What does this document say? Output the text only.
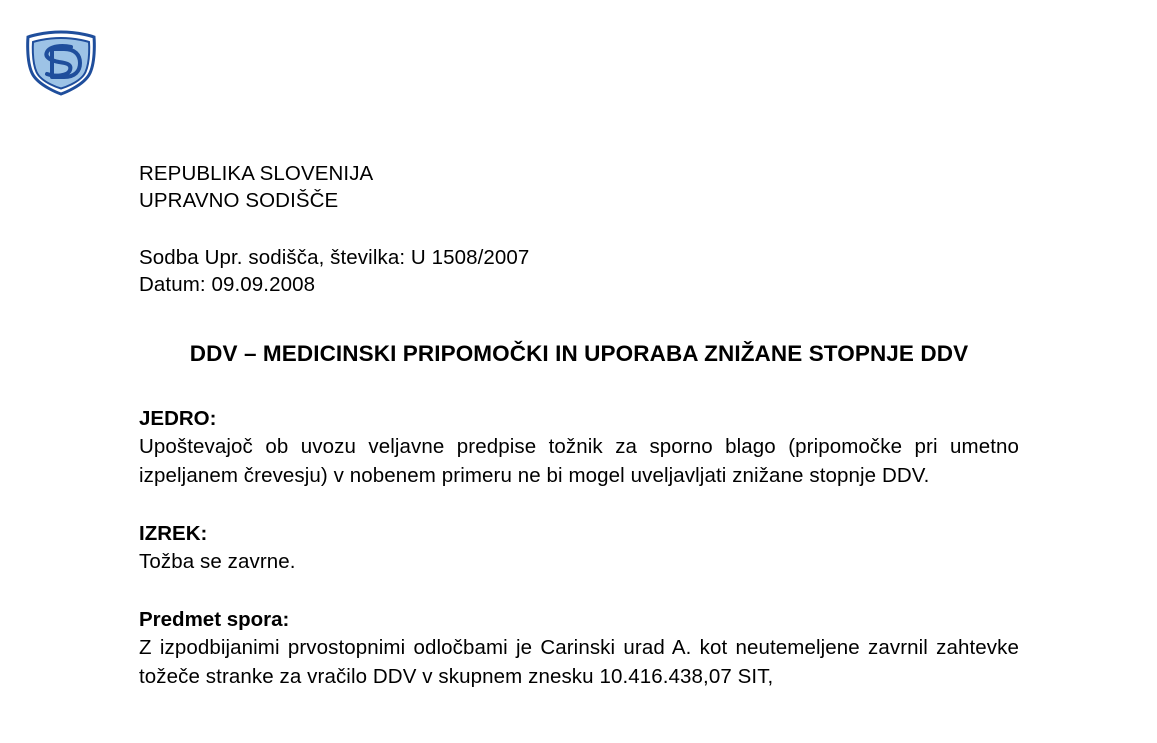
REPUBLIKA SLOVENIJA
UPRAVNO SODIŠČE
Sodba Upr. sodišča, številka: U 1508/2007
Datum: 09.09.2008
DDV – MEDICINSKI PRIPOMOČKI IN UPORABA ZNIŽANE STOPNJE DDV
JEDRO:
Upoštevajoč ob uvozu veljavne predpise tožnik za sporno blago (pripomočke pri umetno izpeljanem črevesju) v nobenem primeru ne bi mogel uveljavljati znižane stopnje DDV.
IZREK:
Tožba se zavrne.
Predmet spora:
Z izpodbijanimi prvostopnimi odločbami je Carinski urad A. kot neutemeljene zavrnil zahtevke tožeče stranke za vračilo DDV v skupnem znesku 10.416.438,07 SIT,
